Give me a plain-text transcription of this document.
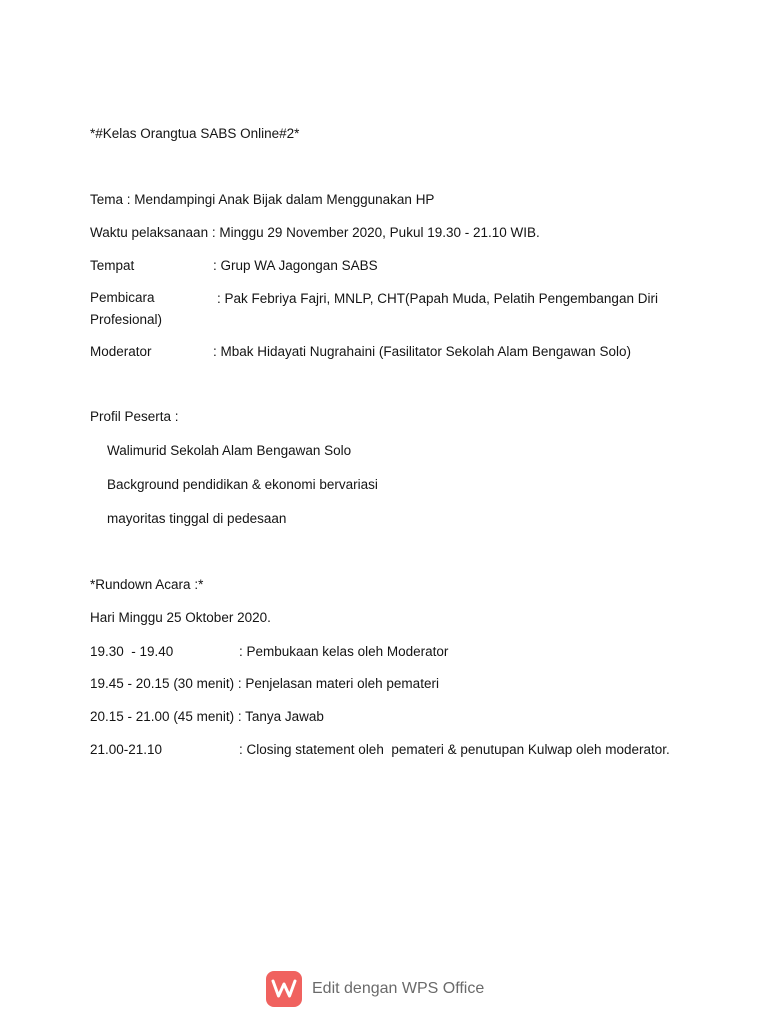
*#Kelas Orangtua SABS Online#2*
Tema : Mendampingi Anak Bijak dalam Menggunakan HP
Waktu pelaksanaan : Minggu 29 November 2020, Pukul 19.30 - 21.10 WIB.
Tempat	: Grup WA Jagongan SABS
Pembicara	: Pak Febriya Fajri, MNLP, CHT(Papah Muda, Pelatih Pengembangan Diri Profesional)
Moderator	: Mbak Hidayati Nugrahaini (Fasilitator Sekolah Alam Bengawan Solo)
Profil Peserta :
Walimurid Sekolah Alam Bengawan Solo
Background pendidikan & ekonomi bervariasi
mayoritas tinggal di pedesaan
*Rundown Acara :*
Hari Minggu 25 Oktober 2020.
19.30  - 19.40	: Pembukaan kelas oleh Moderator
19.45 - 20.15 (30 menit) : Penjelasan materi oleh pemateri
20.15 - 21.00 (45 menit) : Tanya Jawab
21.00-21.10	: Closing statement oleh  pemateri & penutupan Kulwap oleh moderator.
Edit dengan WPS Office
